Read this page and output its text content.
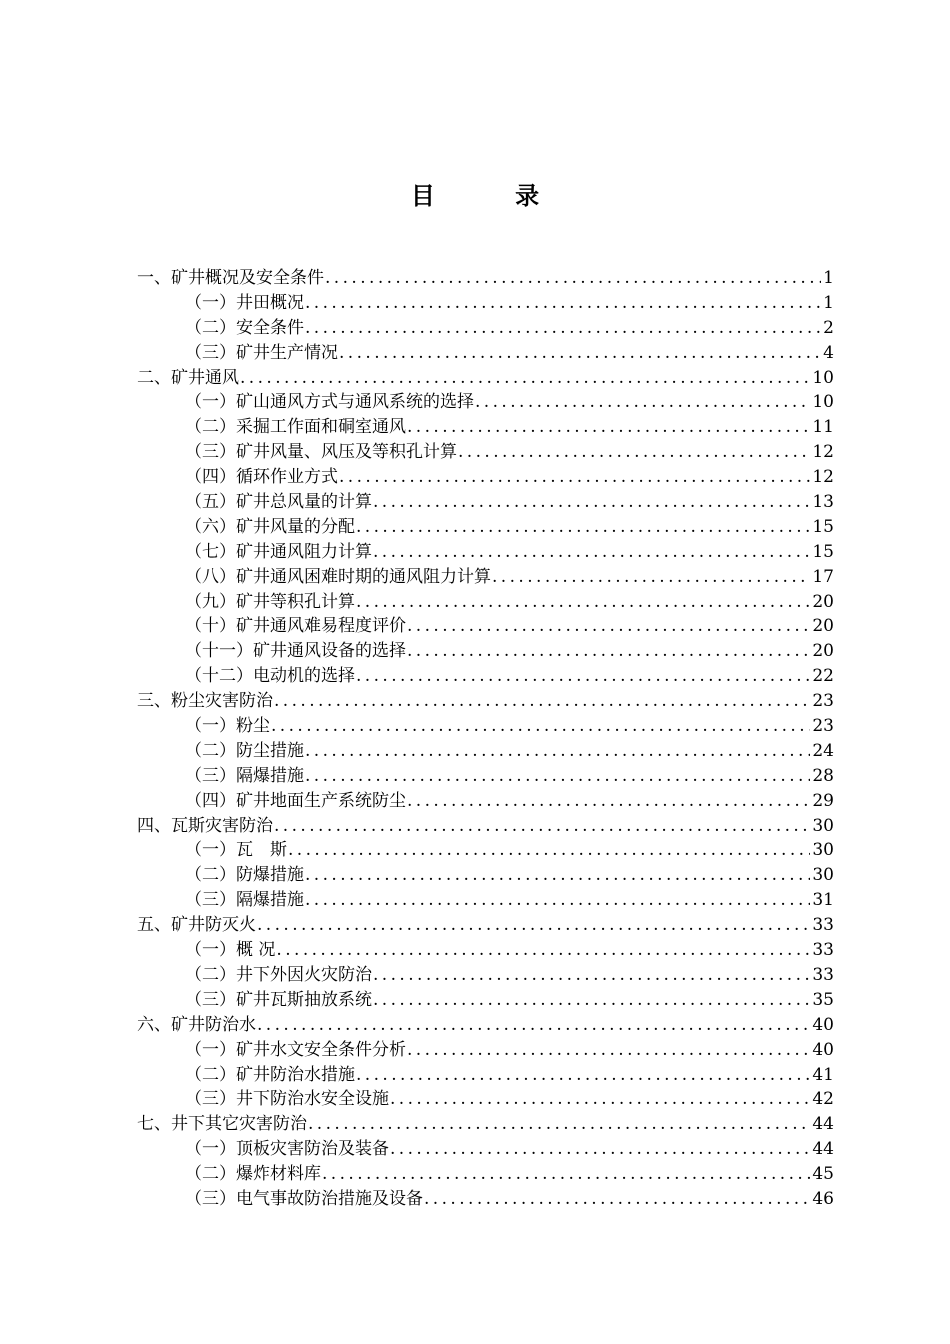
目 录
一、矿井概况及安全条件 .....	1
（一）井田概况 .....	1
（二）安全条件 .....	2
（三）矿井生产情况 .....	4
二、矿井通风 .....	10
（一）矿山通风方式与通风系统的选择 .....	10
（二）采掘工作面和硐室通风 .....	11
（三）矿井风量、风压及等积孔计算 .....	12
（四）循环作业方式 .....	12
（五）矿井总风量的计算 .....	13
（六）矿井风量的分配 .....	15
（七）矿井通风阻力计算 .....	15
（八）矿井通风困难时期的通风阻力计算 .....	17
（九）矿井等积孔计算 .....	20
（十）矿井通风难易程度评价 .....	20
（十一）矿井通风设备的选择 .....	20
（十二）电动机的选择 .....	22
三、粉尘灾害防治 .....	23
（一）粉尘 .....	23
（二）防尘措施 .....	24
（三）隔爆措施 .....	28
（四）矿井地面生产系统防尘 .....	29
四、瓦斯灾害防治 .....	30
（一）瓦　斯 .....	30
（二）防爆措施 .....	30
（三）隔爆措施 .....	31
五、矿井防灭火 .....	33
（一）概 况 .....	33
（二）井下外因火灾防治 .....	33
（三）矿井瓦斯抽放系统 .....	35
六、矿井防治水 .....	40
（一）矿井水文安全条件分析 .....	40
（二）矿井防治水措施 .....	41
（三）井下防治水安全设施 .....	42
七、井下其它灾害防治 .....	44
（一）顶板灾害防治及装备 .....	44
（二）爆炸材料库 .....	45
（三）电气事故防治措施及设备 .....	46
